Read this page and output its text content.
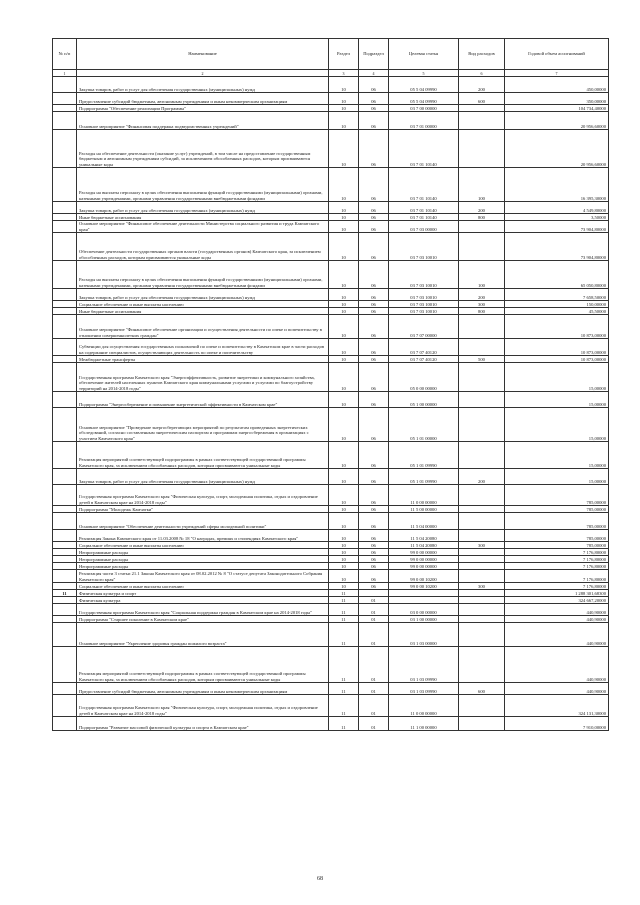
№ п/п	Наименование	Раздел	Подраздел	Целевая статья	Вид расходов	Годовой объем ассигнований
1	2	3	4	5	6	7
	Закупка товаров, работ и услуг для обеспечения государственных (муниципальных) нужд	10	06	05 5 04 09990	200	450,00000
	Предоставление субсидий бюджетным, автономным учреждениям и иным некоммерческим организациям	10	06	05 5 04 09990	600	350,00000
	Подпрограмма "Обеспечение реализации Программы"	10	06	03 7 00 00000		104 734,40000
	Основное мероприятие "Финансовая поддержка подведомственных учреждений"	10	06	03 7 01 00000		20 956,60000
	Расходы на обеспечение деятельности (оказание услуг) учреждений, в том числе на предоставление государственным бюджетным и автономным учреждениям субсидий, за исключением обособленных расходов, которым присваиваются уникальные коды	10	06	03 7 01 10140		20 956,60000
	Расходы на выплаты персоналу в целях обеспечения выполнения функций государственными (муниципальными) органами, казенными учреждениями, органами управления государственными внебюджетными фондами	10	06	03 7 01 10140	100	16 395,30000
	Закупка товаров, работ и услуг для обеспечения государственных (муниципальных) нужд	10	06	03 7 01 10140	200	4 549,80000
	Иные бюджетные ассигнования	10	06	03 7 01 10140	800	3,50000
	Основное мероприятие "Финансовое обеспечение деятельности Министерства социального развития и труда Камчатского края"	10	06	03 7 03 00000		73 904,80000
	Обеспечение деятельности государственных органов власти (государственных органов) Камчатского края, за исключением обособленных расходов, которым присваиваются уникальные коды	10	06	03 7 03 10010		73 904,80000
	Расходы на выплаты персоналу в целях обеспечения выполнения функций государственными (муниципальными) органами, казенными учреждениями, органами управления государственными внебюджетными фондами	10	06	03 7 03 10010	100	65 050,80000
	Закупка товаров, работ и услуг для обеспечения государственных (муниципальных) нужд	10	06	03 7 03 10010	200	7 658,50000
	Социальное обеспечение и иные выплаты населению	10	06	03 7 03 10010	300	150,00000
	Иные бюджетные ассигнования	10	06	03 7 03 10010	800	45,50000
	Основное мероприятие "Финансовое обеспечение организации и осуществления деятельности по опеке и попечительству в отношении совершеннолетних граждан"	10	06	03 7 07 00000		10 873,00000
	Субвенции для осуществления государственных полномочий по опеке и попечительству в Камчатском крае в части расходов на содержание специалистов, осуществляющих деятельность по опеке и попечительству	10	06	03 7 07 40120		10 873,00000
	Межбюджетные трансферты	10	06	03 7 07 40120	500	10 873,00000
	Государственная программа Камчатского края "Энергоэффективность, развитие энергетики и коммунального хозяйства, обеспечение жителей населенных пунктов Камчатского края коммунальными услугами и услугами по благоустройству территорий на 2014-2018 годы"	10	06	05 0 00 00000		15,00000
	Подпрограмма "Энергосбережение и повышение энергетической эффективности в Камчатском крае"	10	06	05 1 00 00000		15,00000
	Основное мероприятие "Проведение энергосберегающих мероприятий по результатам проведенных энергетических обследований, согласно составленным энергетическим паспортам и программам энергосбережения в организациях с участием Камчатского края"	10	06	05 1 01 00000		15,00000
	Реализация мероприятий соответствующей подпрограммы в рамках соответствующей государственной программы Камчатского края, за исключением обособленных расходов, которым присваиваются уникальные коды	10	06	05 1 01 09990		15,00000
	Закупка товаров, работ и услуг для обеспечения государственных (муниципальных) нужд	10	06	05 1 01 09990	200	15,00000
	Государственная программа Камчатского края "Физическая культура, спорт, молодежная политика, отдых и оздоровление детей в Камчатском крае на 2014-2018 годы"	10	06	11 0 00 00000		785,00000
	Подпрограмма "Молодежь Камчатки"	10	06	11 5 00 00000		785,00000
	Основное мероприятие "Обеспечение деятельности учреждений сферы молодежной политики"	10	06	11 5 04 00000		785,00000
	Реализация Закона Камчатского края от 11.03.2008 № 18 "О наградах, премиях и стипендиях Камчатского края"	10	06	11 5 04 20080		785,00000
	Социальное обеспечение и иные выплаты населению	10	06	11 5 04 20080	300	785,00000
	Непрограммные расходы	10	06	99 0 00 00000		7 176,80000
	Непрограммные расходы	10	06	99 0 00 00000		7 176,80000
	Непрограммные расходы	10	06	99 0 00 00000		7 176,80000
	Реализация части 3 статьи 21.1 Закона Камчатского края от 08.02.2012 № 8 "О статусе депутата Законодательного Собрания Камчатского края"	10	06	99 0 00 10200		7 176,80000
	Социальное обеспечение и иные выплаты населению	10	06	99 0 00 10200	300	7 176,80000
11	Физическая культура и спорт	11				1 288 301,68300
	Физическая культура	11	01			324 667,20000
	Государственная программа Камчатского края "Социальная поддержка граждан в Камчатском крае на 2014-2018 годы"	11	01	03 0 00 00000		440,90000
	Подпрограмма "Старшее поколение в Камчатском крае"	11	01	03 1 00 00000		440,90000
	Основное мероприятие "Укрепление здоровья граждан пожилого возраста"	11	01	03 1 03 00000		440,90000
	Реализация мероприятий соответствующей подпрограммы в рамках соответствующей государственной программы Камчатского края, за исключением обособленных расходов, которым присваиваются уникальные коды	11	01	03 1 03 09990		440,90000
	Предоставление субсидий бюджетным, автономным учреждениям и иным некоммерческим организациям	11	01	03 1 03 09990	600	440,90000
	Государственная программа Камчатского края "Физическая культура, спорт, молодежная политика, отдых и оздоровление детей в Камчатском крае на 2014-2018 годы"	11	01	11 0 00 00000		324 131,30000
	Подпрограмма "Развитие массовой физической культуры и спорта в Камчатском крае"	11	01	11 1 00 00000		7 910,00000
68
